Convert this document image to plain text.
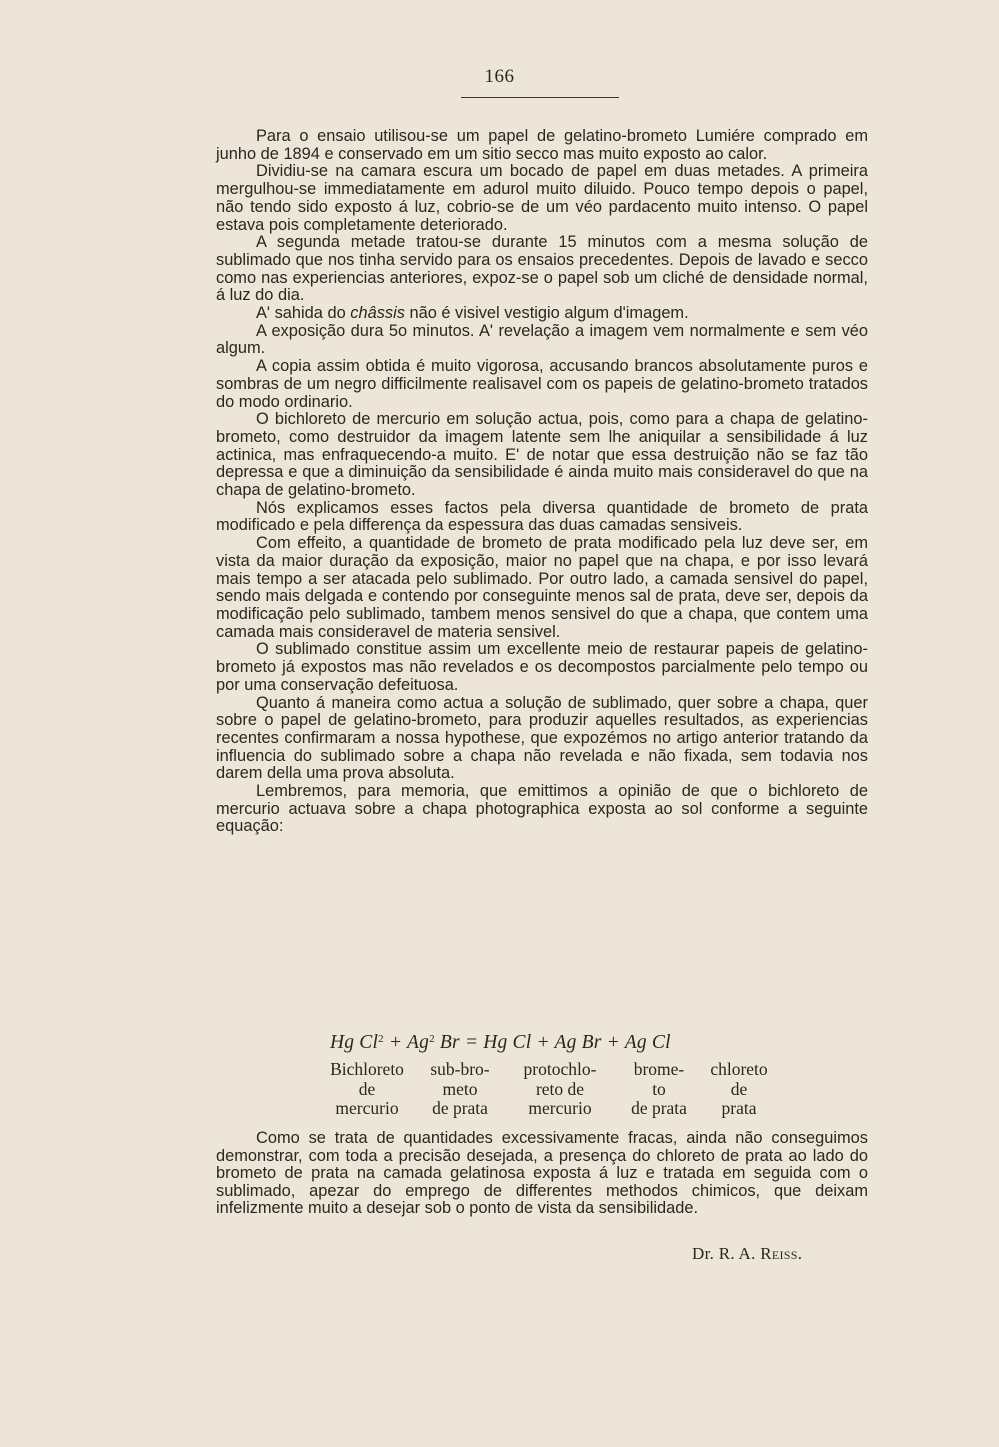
166

Para o ensaio utilisou-se um papel de gelatino-brometo Lumiére comprado em junho de 1894 e conservado em um sitio secco mas muito exposto ao calor.

Dividiu-se na camara escura um bocado de papel em duas metades. A primeira mergulhou-se immediatamente em adurol muito diluido. Pouco tempo depois o papel, não tendo sido exposto á luz, cobrio-se de um véo pardacento muito intenso. O papel estava pois completamente deteriorado.

A segunda metade tratou-se durante 15 minutos com a mesma solução de sublimado que nos tinha servido para os ensaios precedentes. Depois de lavado e secco como nas experiencias anteriores, expoz-se o papel sob um cliché de densidade normal, á luz do dia.

A' sahida do châssis não é visivel vestigio algum d'imagem.

A exposição dura 5o minutos. A' revelação a imagem vem normalmente e sem véo algum.

A copia assim obtida é muito vigorosa, accusando brancos absolutamente puros e sombras de um negro difficilmente realisavel com os papeis de gelatino-brometo tratados do modo ordinario.

O bichloreto de mercurio em solução actua, pois, como para a chapa de gelatino-brometo, como destruidor da imagem latente sem lhe aniquilar a sensibilidade á luz actinica, mas enfraquecendo-a muito. E' de notar que essa destruição não se faz tão depressa e que a diminuição da sensibilidade é ainda muito mais consideravel do que na chapa de gelatino-brometo.

Nós explicamos esses factos pela diversa quantidade de brometo de prata modificado e pela differença da espessura das duas camadas sensiveis.

Com effeito, a quantidade de brometo de prata modificado pela luz deve ser, em vista da maior duração da exposição, maior no papel que na chapa, e por isso levará mais tempo a ser atacada pelo sublimado. Por outro lado, a camada sensivel do papel, sendo mais delgada e contendo por conseguinte menos sal de prata, deve ser, depois da modificação pelo sublimado, tambem menos sensivel do que a chapa, que contem uma camada mais consideravel de materia sensivel.

O sublimado constitue assim um excellente meio de restaurar papeis de gelatino-brometo já expostos mas não revelados e os decompostos parcialmente pelo tempo ou por uma conservação defeituosa.

Quanto á maneira como actua a solução de sublimado, quer sobre a chapa, quer sobre o papel de gelatino-brometo, para produzir aquelles resultados, as experiencias recentes confirmaram a nossa hypothese, que expozémos no artigo anterior tratando da influencia do sublimado sobre a chapa não revelada e não fixada, sem todavia nos darem della uma prova absoluta.

Lembremos, para memoria, que emittimos a opinião de que o bichloreto de mercurio actuava sobre a chapa photographica exposta ao sol conforme a seguinte equação:

Hg $Cl^2 + Ag^2$ Br = Hg Cl + Ag Br + Ag Cl
Bichloreto
de
mercurio
sub-bro-
meto
de prata
protochlo-
reto de
mercurio
brome-
to
de prata
chloreto
de
prata

Como se trata de quantidades excessivamente fracas, ainda não conseguimos demonstrar, com toda a precisão desejada, a presença do chloreto de prata ao lado do brometo de prata na camada gelatinosa exposta á luz e tratada em seguida com o sublimado, apezar do emprego de differentes methodos chimicos, que deixam infelizmente muito a desejar sob o ponto de vista da sensibilidade.

Dr. R. A. Reiss.
